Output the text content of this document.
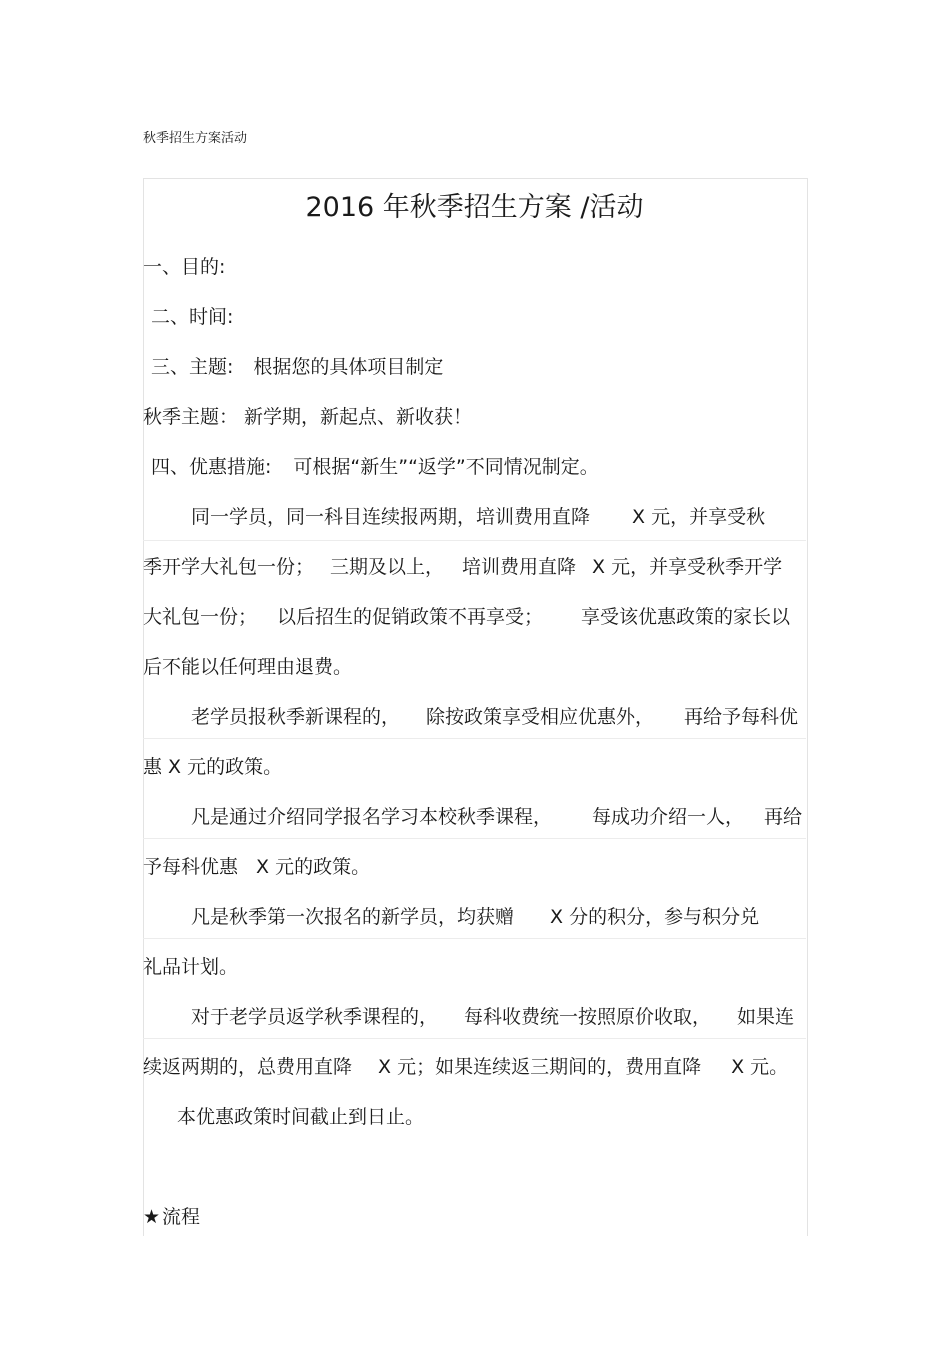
秋季招生方案活动
2016 年秋季招生方案 /活动
一、目的:
二、时间:
三、主题: 根据您的具体项目制定
秋季主题： 新学期，新起点、新收获！
四、优惠措施: 可根据“新生”“返学”不同情况制定。
同一学员，同一科目连续报两期，培训费用直降 X 元，并享受秋
季开学大礼包一份； 三期及以上， 培训费用直降 X 元，并享受秋季开学
大礼包一份； 以后招生的促销政策不再享受； 享受该优惠政策的家长以
后不能以任何理由退费。
老学员报秋季新课程的， 除按政策享受相应优惠外， 再给予每科优
惠 X 元的政策。
凡是通过介绍同学报名学习本校秋季课程， 每成功介绍一人， 再给
予每科优惠 X 元的政策。
凡是秋季第一次报名的新学员，均获赠 X 分的积分，参与积分兑
礼品计划。
对于老学员返学秋季课程的， 每科收费统一按照原价收取， 如果连
续返两期的，总费用直降 X 元；如果连续返三期间的，费用直降 X 元。
本优惠政策时间截止到日止。
★ 流程
